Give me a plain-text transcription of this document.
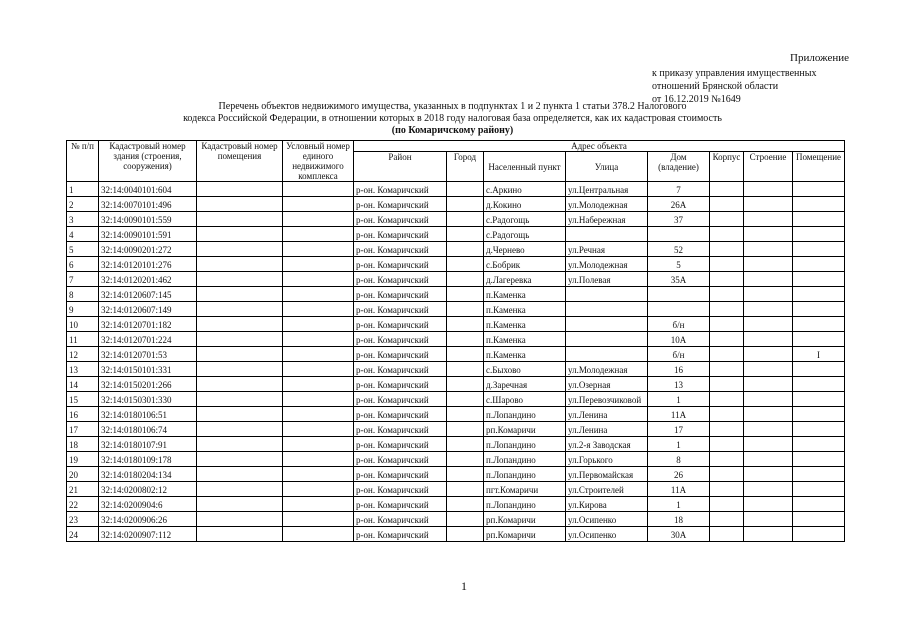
Приложение
к приказу управления имущественных
отношений Брянской области
от 16.12.2019 №1649
Перечень объектов недвижимого имущества, указанных в подпунктах 1 и 2 пункта 1 статьи 378.2 Налогового
кодекса Российской Федерации, в отношении которых в 2018 году налоговая база определяется, как их кадастровая стоимость
(по Комаричскому району)
№ п/п	Кадастровый номер здания (строения, сооружения)	Кадастровый номер помещения	Условный номер единого недвижимого комплекса	Адрес объекта							
				Район	Город	Населенный пункт	Улица	Дом (владение)	Корпус	Строение	Помещение
1	32:14:0040101:604			р-он. Комаричский		с.Аркино	ул.Центральная	7			
2	32:14:0070101:496			р-он. Комаричский		д.Кокино	ул.Молодежная	26А			
3	32:14:0090101:559			р-он. Комаричский		с.Радогощь	ул.Набережная	37			
4	32:14:0090101:591			р-он. Комаричский		с.Радогощь					
5	32:14:0090201:272			р-он. Комаричский		д.Чернево	ул.Речная	52			
6	32:14:0120101:276			р-он. Комаричский		с.Бобрик	ул.Молодежная	5			
7	32:14:0120201:462			р-он. Комаричский		д.Лагеревка	ул.Полевая	35А			
8	32:14:0120607:145			р-он. Комаричский		п.Каменка					
9	32:14:0120607:149			р-он. Комаричский		п.Каменка					
10	32:14:0120701:182			р-он. Комаричский		п.Каменка		б/н			
11	32:14:0120701:224			р-он. Комаричский		п.Каменка		10А			
12	32:14:0120701:53			р-он. Комаричский		п.Каменка		б/н			I
13	32:14:0150101:331			р-он. Комаричский		с.Быхово	ул.Молодежная	16			
14	32:14:0150201:266			р-он. Комаричский		д.Заречная	ул.Озерная	13			
15	32:14:0150301:330			р-он. Комаричский		с.Шарово	ул.Перевозчиковой	1			
16	32:14:0180106:51			р-он. Комаричский		п.Лопандино	ул.Ленина	11А			
17	32:14:0180106:74			р-он. Комаричский		рп.Комаричи	ул.Ленина	17			
18	32:14:0180107:91			р-он. Комаричский		п.Лопандино	ул.2-я Заводская	1			
19	32:14:0180109:178			р-он. Комаричский		п.Лопандино	ул.Горького	8			
20	32:14:0180204:134			р-он. Комаричский		п.Лопандино	ул.Первомайская	26			
21	32:14:0200802:12			р-он. Комаричский		пгт.Комаричи	ул.Строителей	11А			
22	32:14:0200904:6			р-он. Комаричский		п.Лопандино	ул.Кирова	1			
23	32:14:0200906:26			р-он. Комаричский		рп.Комаричи	ул.Осипенко	18			
24	32:14:0200907:112			р-он. Комаричский		рп.Комаричи	ул.Осипенко	30А			
1
